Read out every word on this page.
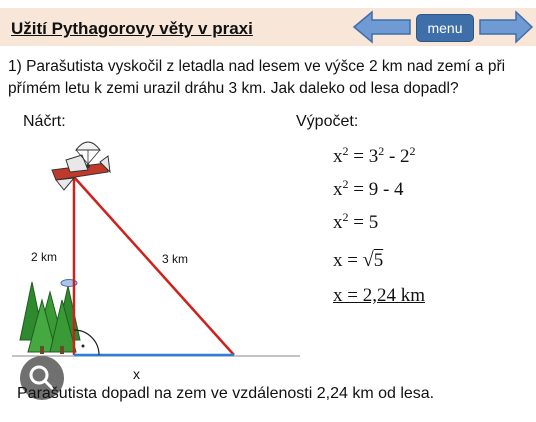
Užití Pythagorovy věty v praxi	menu
1) Parašutista vyskočil z letadla nad lesem ve výšce 2 km nad zemí a při přímém letu k zemi urazil dráhu 3 km. Jak daleko od lesa dopadl?
Náčrt:	Výpočet:
2 km	3 km
x
$x^2 = 3^2 - 2^2$
$x^2 = 9 - 4$
$x^2 = 5$
x = √5
x = 2,24 km
Parašutista dopadl na zem ve vzdálenosti 2,24 km od lesa.
